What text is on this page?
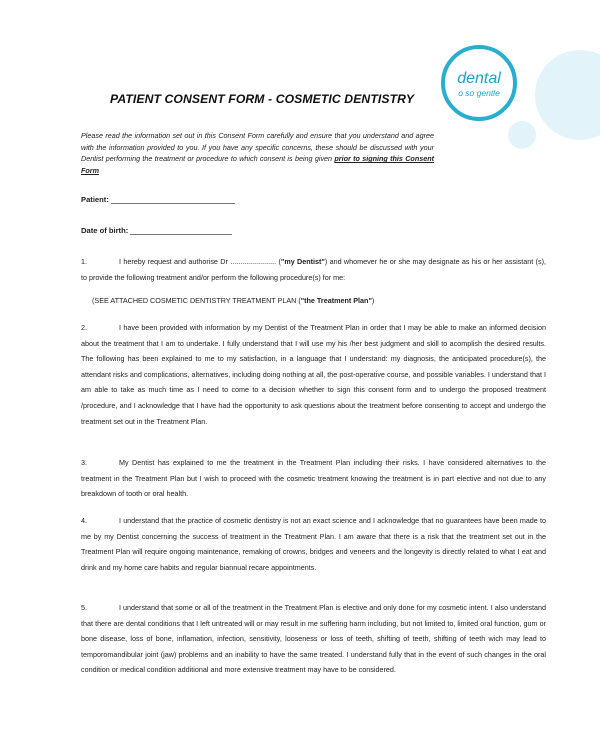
dental
o so gentle
PATIENT CONSENT FORM - COSMETIC DENTISTRY
Please read the information set out in this Consent Form carefully and ensure that you understand and agree with the information provided to you. If you have any specific concerns, these should be discussed with your Dentist performing the treatment or procedure to which consent is being given prior to signing this Consent Form
Patient:
Date of birth:
1.	I hereby request and authorise Dr ....................... ("my Dentist") and whomever he or she may designate as his or her assistant (s), to provide the following treatment and/or perform the following procedure(s) for me:
(SEE ATTACHED COSMETIC DENTISTRY TREATMENT PLAN ("the Treatment Plan")
2.	I have been provided with information by my Dentist of the Treatment Plan in order that I may be able to make an informed decision about the treatment that I am to undertake. I fully understand that I will use my his /her best judgment and skill to acomplish the desired results. The following has been explained to me to my satisfaction, in a language that I understand: my diagnosis, the anticipated procedure(s), the attendant risks and complications, alternatives, including doing nothing at all, the post-operative course, and possible variables. I understand that I am able to take as much time as I need to come to a decision whether to sign this consent form and to undergo the proposed treatment /procedure, and I acknowledge that I have had the opportunity to ask questions about the treatment before consenting to accept and undergo the treatment set out in the Treatment Plan.
3.	My Dentist has explained to me the treatment in the Treatment Plan including their risks. I have considered alternatives to the treatment in the Treatment Plan but I wish to proceed with the cosmetic treatment knowing the treatment is in part elective and not due to any breakdown of tooth or oral health.
4.	I understand that the practice of cosmetic dentistry is not an exact science and I acknowledge that no guarantees have been made to me by my Dentist concerning the success of treatment in the Treatment Plan. I am aware that there is a risk that the treatment set out in the Treatment Plan will require ongoing maintenance, remaking of crowns, bridges and veneers and the longevity is directly related to what I eat and drink and my home care habits and regular biannual recare appointments.
5.	I understand that some or all of the treatment in the Treatment Plan is elective and only done for my cosmetic intent. I also understand that there are dental conditions that I left untreated will or may result in me suffering harm including, but not limited to, limited oral function, gum or bone disease, loss of bone, inflamation, infection, sensitivity, looseness or loss of teeth, shifting of teeth, shifting of teeth wich may lead to temporomandibular joint (jaw) problems and an inability to have the same treated. I understand fully that in the event of such changes in the oral condition or medical condition additional and more extensive treatment may have to be considered.
